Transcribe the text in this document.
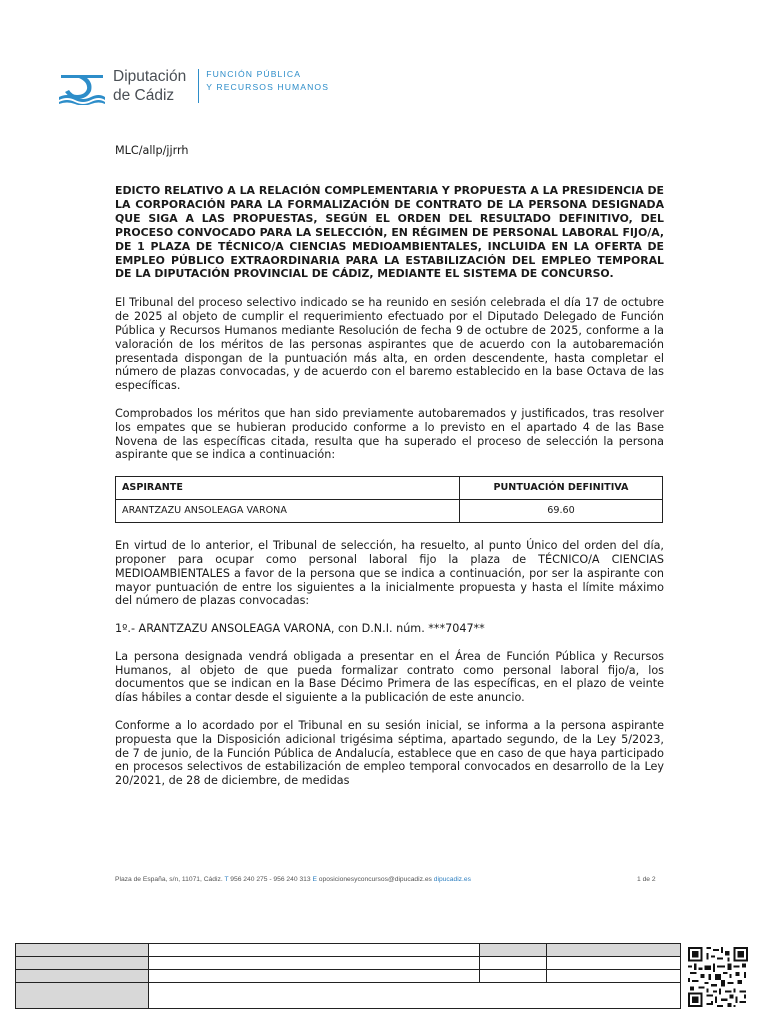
Diputación
de Cádiz
FUNCIÓN PÚBLICA
Y RECURSOS HUMANOS
MLC/allp/jjrrh

EDICTO RELATIVO A LA RELACIÓN COMPLEMENTARIA Y PROPUESTA A LA PRESIDENCIA DE LA CORPORACIÓN PARA LA FORMALIZACIÓN DE CONTRATO DE LA PERSONA DESIGNADA QUE SIGA A LAS PROPUESTAS, SEGÚN EL ORDEN DEL RESULTADO DEFINITIVO, DEL PROCESO CONVOCADO PARA LA SELECCIÓN, EN RÉGIMEN DE PERSONAL LABORAL FIJO/A, DE 1 PLAZA DE TÉCNICO/A CIENCIAS MEDIOAMBIENTALES, INCLUIDA EN LA OFERTA DE EMPLEO PÚBLICO EXTRAORDINARIA PARA LA ESTABILIZACIÓN DEL EMPLEO TEMPORAL DE LA DIPUTACIÓN PROVINCIAL DE CÁDIZ, MEDIANTE EL SISTEMA DE CONCURSO.

El Tribunal del proceso selectivo indicado se ha reunido en sesión celebrada el día 17 de octubre de 2025 al objeto de cumplir el requerimiento efectuado por el Diputado Delegado de Función Pública y Recursos Humanos mediante Resolución de fecha 9 de octubre de 2025, conforme a la valoración de los méritos de las personas aspirantes que de acuerdo con la autobaremación presentada dispongan de la puntuación más alta, en orden descendente, hasta completar el número de plazas convocadas, y de acuerdo con el baremo establecido en la base Octava de las específicas.

Comprobados los méritos que han sido previamente autobaremados y justificados, tras resolver los empates que se hubieran producido conforme a lo previsto en el apartado 4 de las Base Novena de las específicas citada, resulta que ha superado el proceso de selección la persona aspirante que se indica a continuación:

ASPIRANTE	PUNTUACIÓN DEFINITIVA
ARANTZAZU ANSOLEAGA VARONA	69.60

En virtud de lo anterior, el Tribunal de selección, ha resuelto, al punto Único del orden del día, proponer para ocupar como personal laboral fijo la plaza de TÉCNICO/A CIENCIAS MEDIOAMBIENTALES a favor de la persona que se indica a continuación, por ser la aspirante con mayor puntuación de entre los siguientes a la inicialmente propuesta y hasta el límite máximo del número de plazas convocadas:

1º.- ARANTZAZU ANSOLEAGA VARONA, con D.N.I. núm. ***7047**

La persona designada vendrá obligada a presentar en el Área de Función Pública y Recursos Humanos, al objeto de que pueda formalizar contrato como personal laboral fijo/a, los documentos que se indican en la Base Décimo Primera de las específicas, en el plazo de veinte días hábiles a contar desde el siguiente a la publicación de este anuncio.

Conforme a lo acordado por el Tribunal en su sesión inicial, se informa a la persona aspirante propuesta que la Disposición adicional trigésima séptima, apartado segundo, de la Ley 5/2023, de 7 de junio, de la Función Pública de Andalucía, establece que en caso de que haya participado en procesos selectivos de estabilización de empleo temporal convocados en desarrollo de la Ley 20/2021, de 28 de diciembre, de medidas

Plaza de España, s/n, 11071, Cádiz. T 956 240 275 - 956 240 313 E oposicionesyconcursos@dipucadiz.es dipucadiz.es	1 de 2
